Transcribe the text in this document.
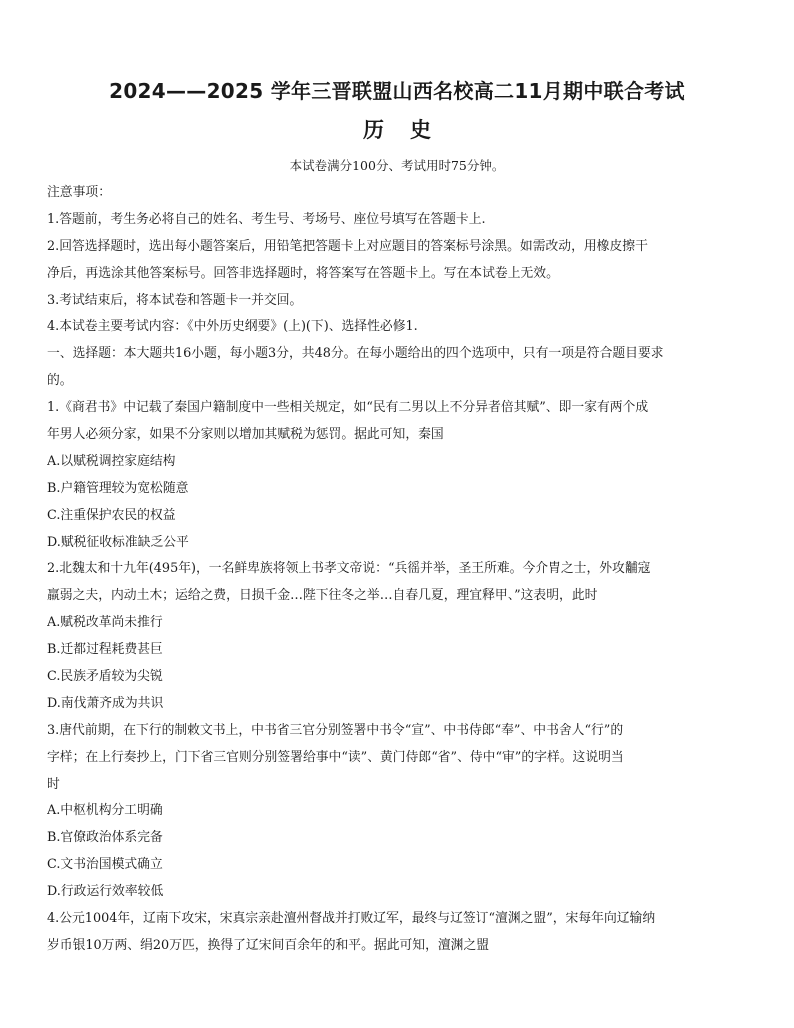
2024——2025 学年三晋联盟山西名校高二11月期中联合考试
历史
本试卷满分100分、考试用时75分钟。
注意事项：
1.答题前，考生务必将自己的姓名、考生号、考场号、座位号填写在答题卡上.
2.回答选择题时，选出每小题答案后，用铅笔把答题卡上对应题目的答案标号涂黑。如需改动，用橡皮擦干
净后，再选涂其他答案标号。回答非选择题时，将答案写在答题卡上。写在本试卷上无效。
3.考试结束后，将本试卷和答题卡一并交回。
4.本试卷主要考试内容：《中外历史纲要》(上)(下)、选择性必修1.
一、选择题：本大题共16小题，每小题3分，共48分。在每小题给出的四个选项中，只有一项是符合题目要求
的。
1.《商君书》中记载了秦国户籍制度中一些相关规定，如“民有二男以上不分异者倍其赋”、即一家有两个成
年男人必须分家，如果不分家则以增加其赋税为惩罚。据此可知，秦国
A.以赋税调控家庭结构
B.户籍管理较为宽松随意
C.注重保护农民的权益
D.赋税征收标准缺乏公平
2.北魏太和十九年(495年)，一名鲜卑族将领上书孝文帝说：“兵徭并举，圣王所难。今介胄之士，外攻黼寇
羸弱之夫，内动土木；运给之费，日损千金…陛下往冬之举…自春几夏，理宜释甲、”这表明，此时
A.赋税改革尚未推行
B.迁都过程耗费甚巨
C.民族矛盾较为尖锐
D.南伐萧齐成为共识
3.唐代前期，在下行的制敕文书上，中书省三官分别签署中书令“宣”、中书侍郎“奉”、中书舍人“行”的
字样；在上行奏抄上，门下省三官则分别签署给事中“读”、黄门侍郎“省”、侍中“审”的字样。这说明当
时
A.中枢机构分工明确
B.官僚政治体系完备
C.文书治国模式确立
D.行政运行效率较低
4.公元1004年，辽南下攻宋，宋真宗亲赴澶州督战并打败辽军，最终与辽签订“澶渊之盟”，宋每年向辽输纳
岁币银10万两、绢20万匹，换得了辽宋间百余年的和平。据此可知，澶渊之盟
